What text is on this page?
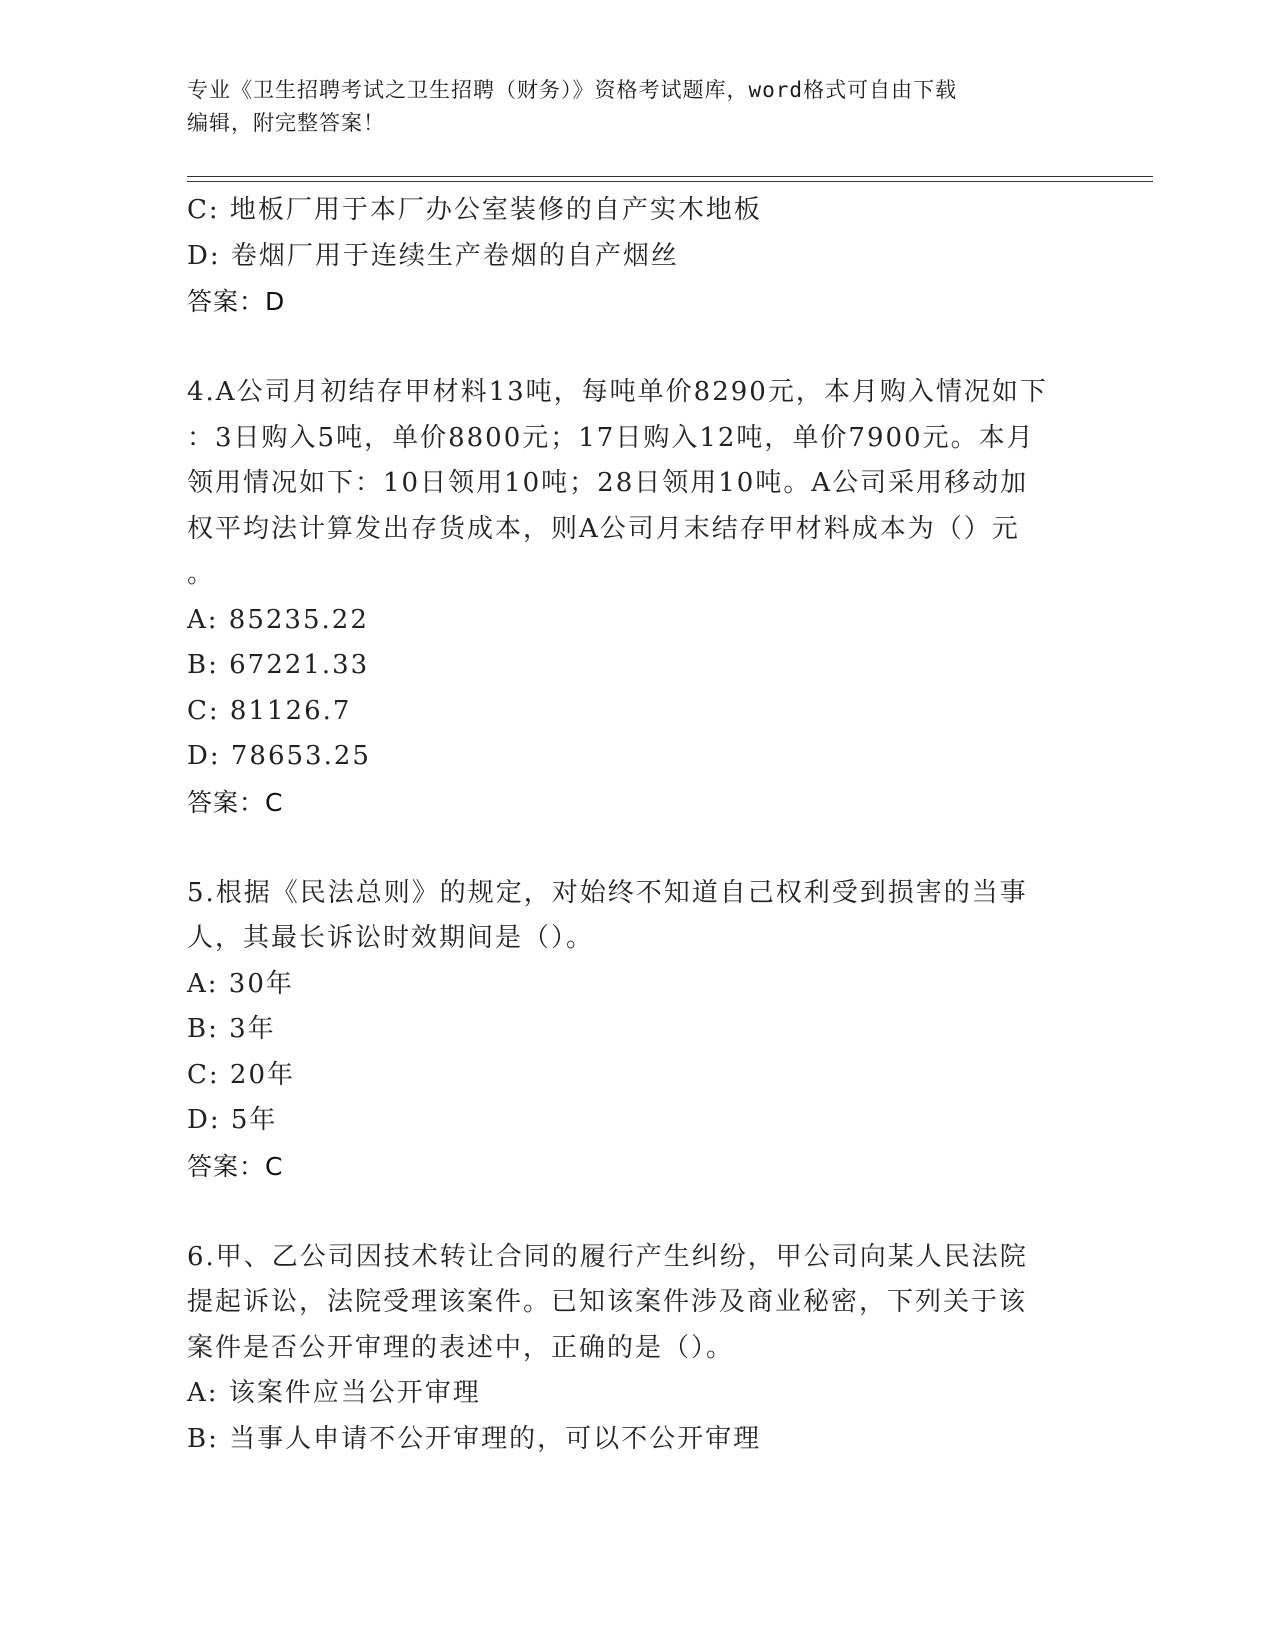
专业《卫生招聘考试之卫生招聘（财务）》资格考试题库，word格式可自由下载
编辑，附完整答案！
C: 地板厂用于本厂办公室装修的自产实木地板
D: 卷烟厂用于连续生产卷烟的自产烟丝
答案：D
4.A公司月初结存甲材料13吨，每吨单价8290元，本月购入情况如下
：3日购入5吨，单价8800元；17日购入12吨，单价7900元。本月
领用情况如下：10日领用10吨；28日领用10吨。A公司采用移动加
权平均法计算发出存货成本，则A公司月末结存甲材料成本为（）元
。
A: 85235.22
B: 67221.33
C: 81126.7
D: 78653.25
答案：C
5.根据《民法总则》的规定，对始终不知道自己权利受到损害的当事
人，其最长诉讼时效期间是（）。
A: 30年
B: 3年
C: 20年
D: 5年
答案：C
6.甲、乙公司因技术转让合同的履行产生纠纷，甲公司向某人民法院
提起诉讼，法院受理该案件。已知该案件涉及商业秘密，下列关于该
案件是否公开审理的表述中，正确的是（）。
A: 该案件应当公开审理
B: 当事人申请不公开审理的，可以不公开审理
